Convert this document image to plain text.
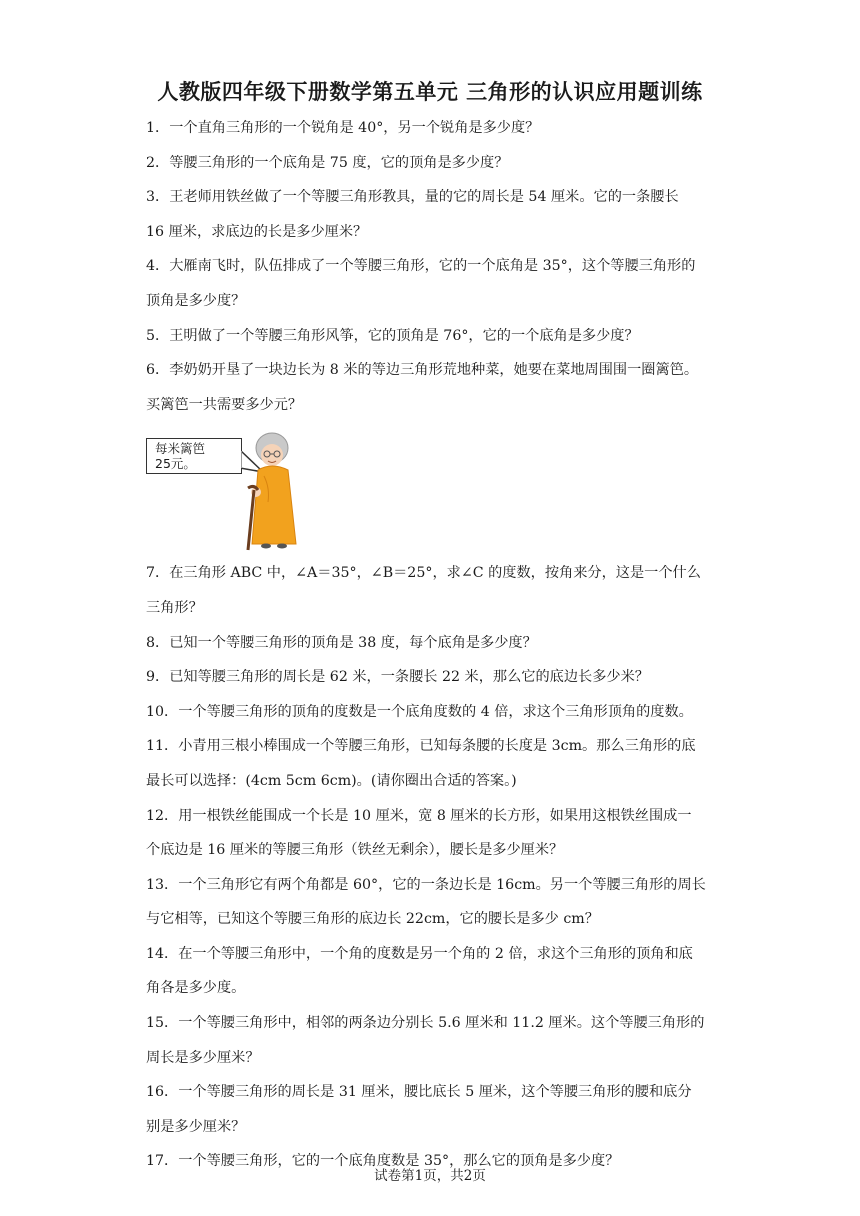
人教版四年级下册数学第五单元 三角形的认识应用题训练
1．一个直角三角形的一个锐角是 40°，另一个锐角是多少度？
2．等腰三角形的一个底角是 75 度，它的顶角是多少度？
3．王老师用铁丝做了一个等腰三角形教具，量的它的周长是 54 厘米。它的一条腰长
16 厘米，求底边的长是多少厘米？
4．大雁南飞时，队伍排成了一个等腰三角形，它的一个底角是 35°，这个等腰三角形的
顶角是多少度？
5．王明做了一个等腰三角形风筝，它的顶角是 76°，它的一个底角是多少度？
6．李奶奶开垦了一块边长为 8 米的等边三角形荒地种菜，她要在菜地周围围一圈篱笆。
买篱笆一共需要多少元？
每米篱笆
25元。
7．在三角形 ABC 中，∠A＝35°，∠B＝25°，求∠C 的度数，按角来分，这是一个什么
三角形？
8．已知一个等腰三角形的顶角是 38 度，每个底角是多少度？
9．已知等腰三角形的周长是 62 米，一条腰长 22 米，那么它的底边长多少米？
10．一个等腰三角形的顶角的度数是一个底角度数的 4 倍，求这个三角形顶角的度数。
11．小青用三根小棒围成一个等腰三角形，已知每条腰的长度是 3cm。那么三角形的底
最长可以选择：(4cm 5cm 6cm)。(请你圈出合适的答案。)
12．用一根铁丝能围成一个长是 10 厘米，宽 8 厘米的长方形，如果用这根铁丝围成一
个底边是 16 厘米的等腰三角形（铁丝无剩余），腰长是多少厘米？
13．一个三角形它有两个角都是 60°，它的一条边长是 16cm。另一个等腰三角形的周长
与它相等，已知这个等腰三角形的底边长 22cm，它的腰长是多少 cm？
14．在一个等腰三角形中，一个角的度数是另一个角的 2 倍，求这个三角形的顶角和底
角各是多少度。
15．一个等腰三角形中，相邻的两条边分别长 5.6 厘米和 11.2 厘米。这个等腰三角形的
周长是多少厘米？
16．一个等腰三角形的周长是 31 厘米，腰比底长 5 厘米，这个等腰三角形的腰和底分
别是多少厘米？
17．一个等腰三角形，它的一个底角度数是 35°，那么它的顶角是多少度？
试卷第1页，共2页
